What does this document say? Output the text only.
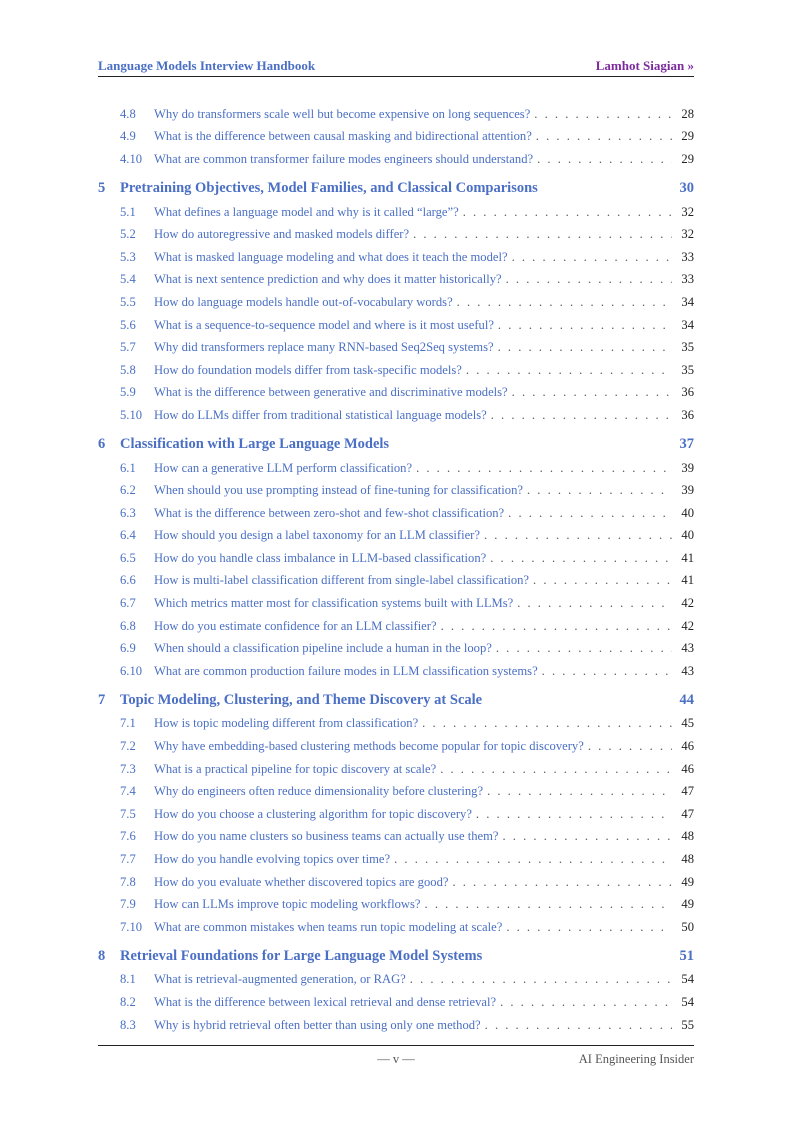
Language Models Interview Handbook	Lamhot Siagian »
4.8	Why do transformers scale well but become expensive on long sequences? . . .	28
4.9	What is the difference between causal masking and bidirectional attention? . . .	29
4.10 What are common transformer failure modes engineers should understand? . . .	29
5	Pretraining Objectives, Model Families, and Classical Comparisons	30
5.1	What defines a language model and why is it called “large”? . . .	32
5.2	How do autoregressive and masked models differ? . . .	32
5.3	What is masked language modeling and what does it teach the model? . . .	33
5.4	What is next sentence prediction and why does it matter historically? . . .	33
5.5	How do language models handle out-of-vocabulary words? . . .	34
5.6	What is a sequence-to-sequence model and where is it most useful? . . .	34
5.7	Why did transformers replace many RNN-based Seq2Seq systems? . . .	35
5.8	How do foundation models differ from task-specific models? . . .	35
5.9	What is the difference between generative and discriminative models? . . .	36
5.10 How do LLMs differ from traditional statistical language models? . . .	36
6	Classification with Large Language Models	37
6.1	How can a generative LLM perform classification? . . .	39
6.2	When should you use prompting instead of fine-tuning for classification? . . .	39
6.3	What is the difference between zero-shot and few-shot classification? . . .	40
6.4	How should you design a label taxonomy for an LLM classifier? . . .	40
6.5	How do you handle class imbalance in LLM-based classification? . . .	41
6.6	How is multi-label classification different from single-label classification? . . .	41
6.7	Which metrics matter most for classification systems built with LLMs? . . .	42
6.8	How do you estimate confidence for an LLM classifier? . . .	42
6.9	When should a classification pipeline include a human in the loop? . . .	43
6.10 What are common production failure modes in LLM classification systems? . . .	43
7	Topic Modeling, Clustering, and Theme Discovery at Scale	44
7.1	How is topic modeling different from classification? . . .	45
7.2	Why have embedding-based clustering methods become popular for topic discovery? . . .	46
7.3	What is a practical pipeline for topic discovery at scale? . . .	46
7.4	Why do engineers often reduce dimensionality before clustering? . . .	47
7.5	How do you choose a clustering algorithm for topic discovery? . . .	47
7.6	How do you name clusters so business teams can actually use them? . . .	48
7.7	How do you handle evolving topics over time? . . .	48
7.8	How do you evaluate whether discovered topics are good? . . .	49
7.9	How can LLMs improve topic modeling workflows? . . .	49
7.10 What are common mistakes when teams run topic modeling at scale? . . .	50
8	Retrieval Foundations for Large Language Model Systems	51
8.1	What is retrieval-augmented generation, or RAG? . . .	54
8.2	What is the difference between lexical retrieval and dense retrieval? . . .	54
8.3	Why is hybrid retrieval often better than using only one method? . . .	55
— v —	AI Engineering Insider
